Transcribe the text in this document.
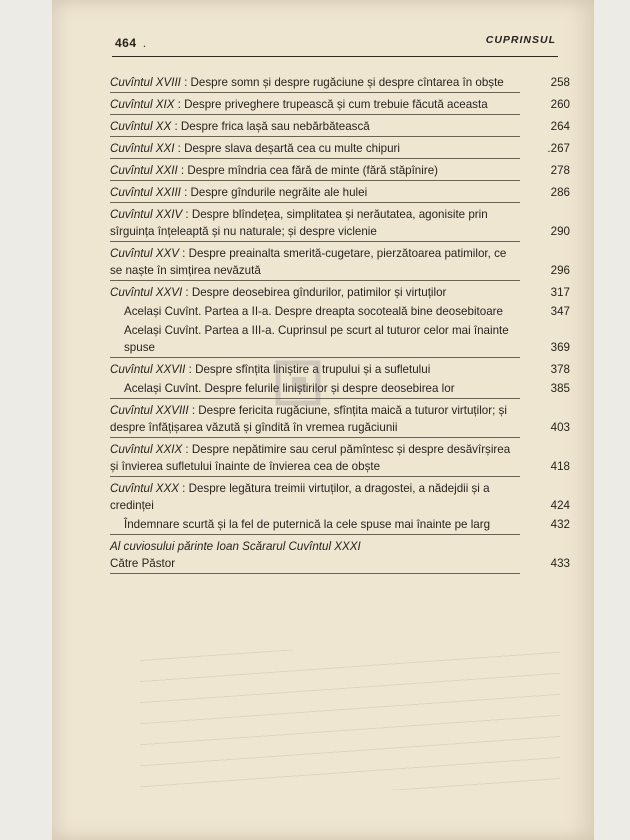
464 .	CUPRINSUL

Cuvîntul XVIII : Despre somn și despre rugăciune și despre cîntarea în obște	258

Cuvîntul XIX : Despre priveghere trupească și cum trebuie făcută aceasta	260

Cuvîntul XX : Despre frica lașă sau nebărbătească	264

Cuvîntul XXI : Despre slava deșartă cea cu multe chipuri	.267

Cuvîntul XXII : Despre mîndria cea fără de minte (fără stăpînire)	278

Cuvîntul XXIII : Despre gîndurile negrăite ale hulei	286

Cuvîntul XXIV : Despre blîndețea, simplitatea și nerăutatea, agonisite prin sîrguința înțeleaptă și nu naturale; și despre viclenie	290

Cuvîntul XXV : Despre preainalta smerită-cugetare, pierzătoarea patimilor, ce se naște în simțirea nevăzută	296

Cuvîntul XXVI : Despre deosebirea gîndurilor, patimilor și virtuților	317

Același Cuvînt. Partea a II-a. Despre dreapta socoteală bine deosebitoare	347

Același Cuvînt. Partea a III-a. Cuprinsul pe scurt al tuturor celor mai înainte spuse	369

Cuvîntul XXVII : Despre sfînțita liniștire a trupului și a sufletului	378

Același Cuvînt. Despre felurile liniștirilor și despre deosebirea lor	385

Cuvîntul XXVIII : Despre fericita rugăciune, sfînțita maică a tuturor virtuților; și despre înfățișarea văzută și gîndită în vremea rugăciunii	403

Cuvîntul XXIX : Despre nepătimire sau cerul pămîntesc și despre desăvîrșirea și învierea sufletului înainte de învierea cea de obște	418

Cuvîntul XXX : Despre legătura treimii virtuților, a dragostei, a nădejdii și a credinței	424

Îndemnare scurtă și la fel de puternică la cele spuse mai înainte pe larg	432

Al cuviosului părinte Ioan Scărarul Cuvîntul XXXI
Către Păstor	433
